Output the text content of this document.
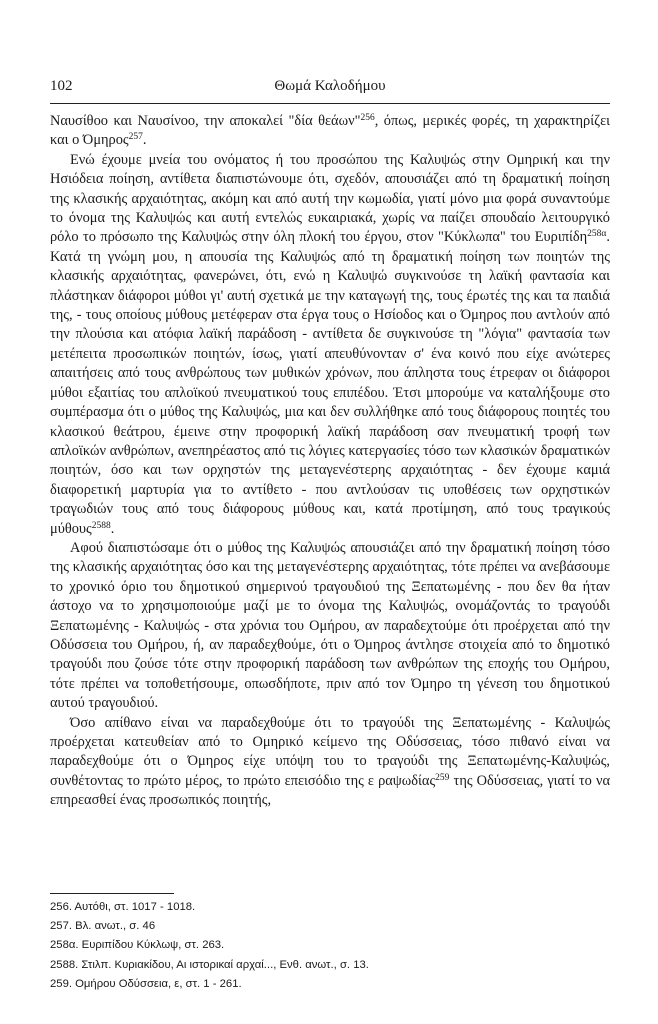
102	Θωμά Καλοδήμου

Ναυσίθοο και Ναυσίνοο, την αποκαλεί "δία θεάων"$^{256}$, όπως, μερικές φορές, τη χαρακτηρίζει και ο Όμηρος$^{257}$.

Ενώ έχουμε μνεία του ονόματος ή του προσώπου της Καλυψώς στην Ομηρική και την Ησιόδεια ποίηση, αντίθετα διαπιστώνουμε ότι, σχεδόν, απουσιάζει από τη δραματική ποίηση της κλασικής αρχαιότητας, ακόμη και από αυτή την κωμωδία, γιατί μόνο μια φορά συναντούμε το όνομα της Καλυψώς και αυτή εντελώς ευκαιριακά, χωρίς να παίζει σπουδαίο λειτουργικό ρόλο το πρόσωπο της Καλυψώς στην όλη πλοκή του έργου, στον "Κύκλωπα" του Ευριπίδη$^{258\alpha}$. Κατά τη γνώμη μου, η απουσία της Καλυψώς από τη δραματική ποίηση των ποιητών της κλασικής αρχαιότητας, φανερώνει, ότι, ενώ η Καλυψώ συγκινούσε τη λαϊκή φαντασία και πλάστηκαν διάφοροι μύθοι γι' αυτή σχετικά με την καταγωγή της, τους έρωτές της και τα παιδιά της, - τους οποίους μύθους μετέφεραν στα έργα τους ο Ησίοδος και ο Όμηρος που αντλούν από την πλούσια και ατόφια λαϊκή παράδοση - αντίθετα δε συγκινούσε τη "λόγια" φαντασία των μετέπειτα προσωπικών ποιητών, ίσως, γιατί απευθύνονταν σ' ένα κοινό που είχε ανώτερες απαιτήσεις από τους ανθρώπους των μυθικών χρόνων, που άπληστα τους έτρεφαν οι διάφοροι μύθοι εξαιτίας του απλοϊκού πνευματικού τους επιπέδου. Έτσι μπορούμε να καταλήξουμε στο συμπέρασμα ότι ο μύθος της Καλυψώς, μια και δεν συλλήθηκε από τους διάφορους ποιητές του κλασικού θεάτρου, έμεινε στην προφορική λαϊκή παράδοση σαν πνευματική τροφή των απλοϊκών ανθρώπων, ανεπηρέαστος από τις λόγιες κατεργασίες τόσο των κλασικών δραματικών ποιητών, όσο και των ορχηστών της μεταγενέστερης αρχαιότητας - δεν έχουμε καμιά διαφορετική μαρτυρία για το αντίθετο - που αντλούσαν τις υποθέσεις των ορχηστικών τραγωδιών τους από τους διάφορους μύθους και, κατά προτίμηση, από τους τραγικούς μύθους$^{2588}$.

Αφού διαπιστώσαμε ότι ο μύθος της Καλυψώς απουσιάζει από την δραματική ποίηση τόσο της κλασικής αρχαιότητας όσο και της μεταγενέστερης αρχαιότητας, τότε πρέπει να ανεβάσουμε το χρονικό όριο του δημοτικού σημερινού τραγουδιού της Ξεπατωμένης - που δεν θα ήταν άστοχο να το χρησιμοποιούμε μαζί με το όνομα της Καλυψώς, ονομάζοντάς το τραγούδι Ξεπατωμένης - Καλυψώς - στα χρόνια του Ομήρου, αν παραδεχτούμε ότι προέρχεται από την Οδύσσεια του Ομήρου, ή, αν παραδεχθούμε, ότι ο Όμηρος άντλησε στοιχεία από το δημοτικό τραγούδι που ζούσε τότε στην προφορική παράδοση των ανθρώπων της εποχής του Ομήρου, τότε πρέπει να τοποθετήσουμε, οπωσδήποτε, πριν από τον Όμηρο τη γένεση του δημοτικού αυτού τραγουδιού.

Όσο απίθανο είναι να παραδεχθούμε ότι το τραγούδι της Ξεπατωμένης - Καλυψώς προέρχεται κατευθείαν από το Ομηρικό κείμενο της Οδύσσειας, τόσο πιθανό είναι να παραδεχθούμε ότι ο Όμηρος είχε υπόψη του το τραγούδι της Ξεπατωμένης-Καλυψώς, συνθέτοντας το πρώτο μέρος, το πρώτο επεισόδιο της ε ραψωδίας$^{259}$ της Οδύσσειας, γιατί το να επηρεασθεί ένας προσωπικός ποιητής,

256. Αυτόθι, στ. 1017 - 1018.

257. Βλ. ανωτ., σ. 46

258α. Ευριπίδου Κύκλωψ, στ. 263.

2588. Στιλπ. Κυριακίδου, Αι ιστορικαί αρχαί..., Ενθ. ανωτ., σ. 13.

259. Ομήρου Οδύσσεια, ε, στ. 1 - 261.
